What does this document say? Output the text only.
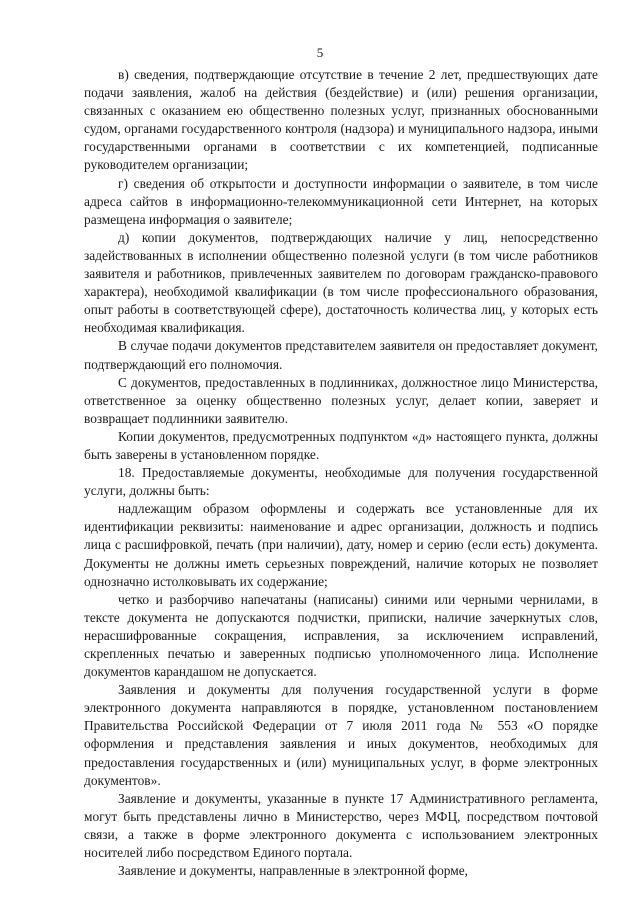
5

в) сведения, подтверждающие отсутствие в течение 2 лет, предшествующих дате подачи заявления, жалоб на действия (бездействие) и (или) решения организации, связанных с оказанием ею общественно полезных услуг, признанных обоснованными судом, органами государственного контроля (надзора) и муниципального надзора, иными государственными органами в соответствии с их компетенцией, подписанные руководителем организации;

г) сведения об открытости и доступности информации о заявителе, в том числе адреса сайтов в информационно-телекоммуникационной сети Интернет, на которых размещена информация о заявителе;

д) копии документов, подтверждающих наличие у лиц, непосредственно задействованных в исполнении общественно полезной услуги (в том числе работников заявителя и работников, привлеченных заявителем по договорам гражданско-правового характера), необходимой квалификации (в том числе профессионального образования, опыт работы в соответствующей сфере), достаточность количества лиц, у которых есть необходимая квалификация.

В случае подачи документов представителем заявителя он предоставляет документ, подтверждающий его полномочия.

С документов, предоставленных в подлинниках, должностное лицо Министерства, ответственное за оценку общественно полезных услуг, делает копии, заверяет и возвращает подлинники заявителю.

Копии документов, предусмотренных подпунктом «д» настоящего пункта, должны быть заверены в установленном порядке.

18. Предоставляемые документы, необходимые для получения государственной услуги, должны быть:

надлежащим образом оформлены и содержать все установленные для их идентификации реквизиты: наименование и адрес организации, должность и подпись лица с расшифровкой, печать (при наличии), дату, номер и серию (если есть) документа. Документы не должны иметь серьезных повреждений, наличие которых не позволяет однозначно истолковывать их содержание;

четко и разборчиво напечатаны (написаны) синими или черными чернилами, в тексте документа не допускаются подчистки, приписки, наличие зачеркнутых слов, нерасшифрованные сокращения, исправления, за исключением исправлений, скрепленных печатью и заверенных подписью уполномоченного лица. Исполнение документов карандашом не допускается.

Заявления и документы для получения государственной услуги в форме электронного документа направляются в порядке, установленном постановлением Правительства Российской Федерации от 7 июля 2011 года № 553 «О порядке оформления и представления заявления и иных документов, необходимых для предоставления государственных и (или) муниципальных услуг, в форме электронных документов».

Заявление и документы, указанные в пункте 17 Административного регламента, могут быть представлены лично в Министерство, через МФЦ, посредством почтовой связи, а также в форме электронного документа с использованием электронных носителей либо посредством Единого портала.

Заявление и документы, направленные в электронной форме,
